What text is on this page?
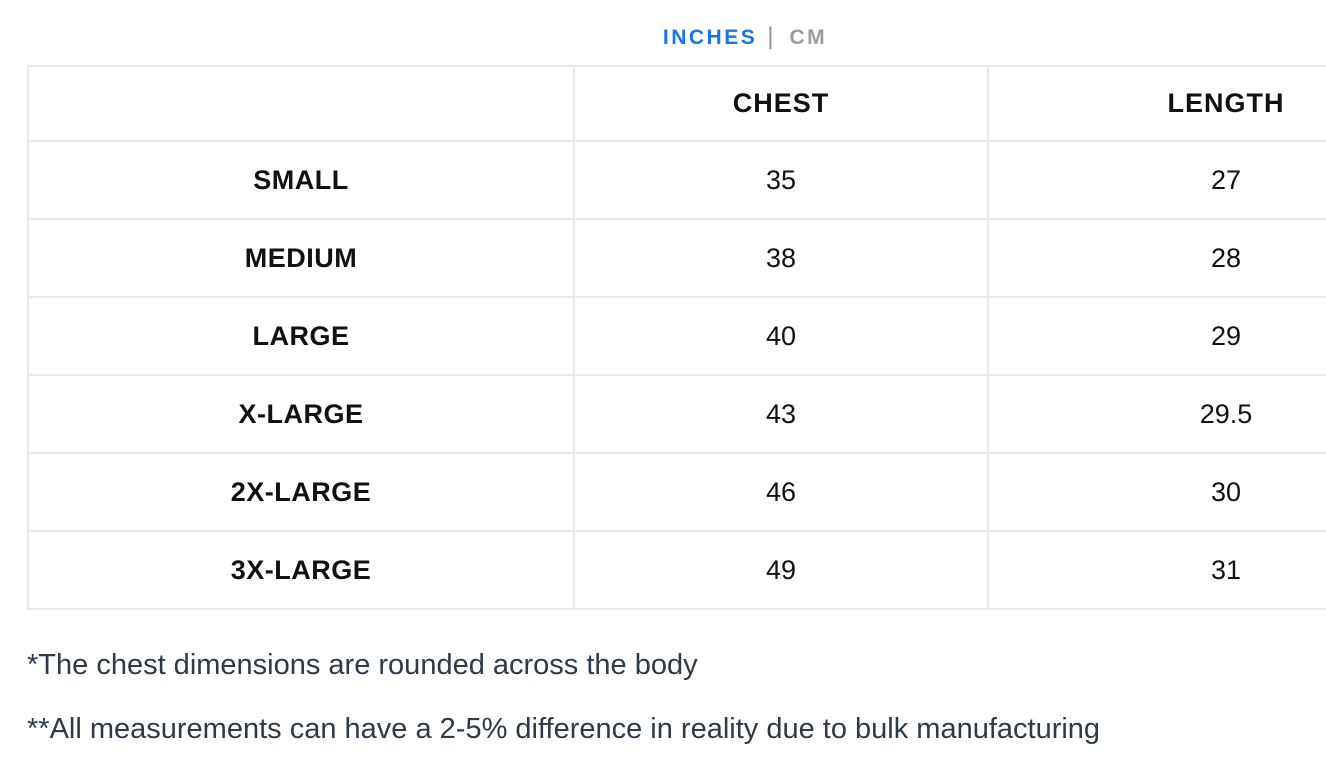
INCHES | CM
	CHEST	LENGTH
SMALL	35	27
MEDIUM	38	28
LARGE	40	29
X-LARGE	43	29.5
2X-LARGE	46	30
3X-LARGE	49	31

*The chest dimensions are rounded across the body

**All measurements can have a 2-5% difference in reality due to bulk manufacturing
